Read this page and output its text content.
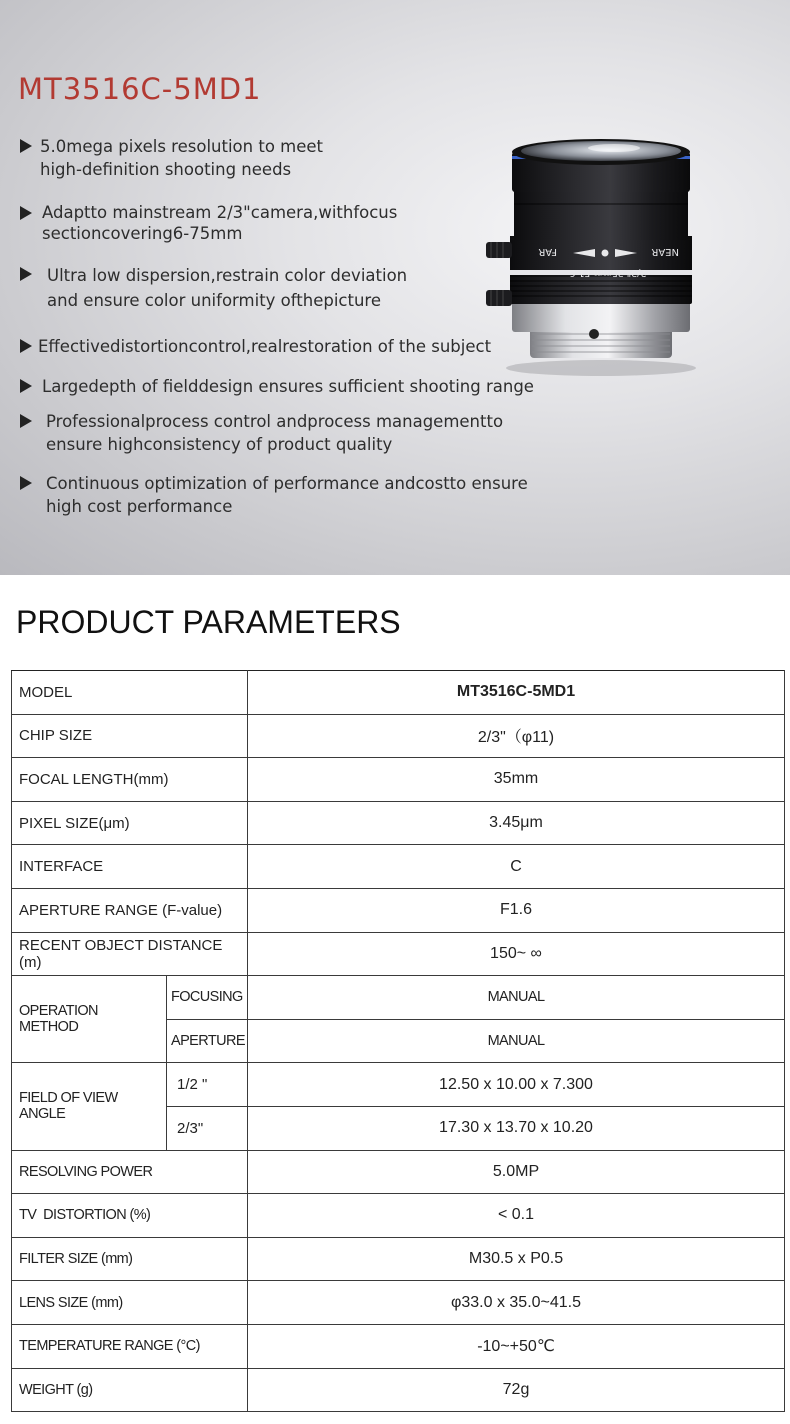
MT3516C-5MD1
5.0mega pixels resolution to meet
high-definition shooting needs
Adaptto mainstream 2/3"camera,withfocus
sectioncovering6-75mm
Ultra low dispersion,restrain color deviation
and ensure color uniformity ofthepicture
Effectivedistortioncontrol,realrestoration of the subject
Largedepth of fielddesign ensures sufficient shooting range
Professionalprocess control andprocess managementto
ensure highconsistency of product quality
Continuous optimization of performance andcostto ensure
high cost performance
NEAR
FAR
2/3" 35mm F1.6
PRODUCT PARAMETERS
MODEL		MT3516C-5MD1
CHIP SIZE		2/3"（φ11)
FOCAL LENGTH(mm)		35mm
PIXEL SIZE(μm)		3.45μm
INTERFACE		C
APERTURE RANGE (F-value)		F1.6
RECENT OBJECT DISTANCE (m)		150~ ∞
OPERATION METHOD	FOCUSING	MANUAL
	APERTURE	MANUAL
FIELD OF VIEW ANGLE	1/2 "	12.50 x 10.00 x 7.300
	2/3"	17.30 x 13.70 x 10.20
RESOLVING POWER		5.0MP
TV  DISTORTION (%)		< 0.1
FILTER SIZE (mm)		M30.5 x P0.5
LENS SIZE (mm)		φ33.0 x 35.0~41.5
TEMPERATURE RANGE (°C)		-10~+50℃
WEIGHT (g)		72g
